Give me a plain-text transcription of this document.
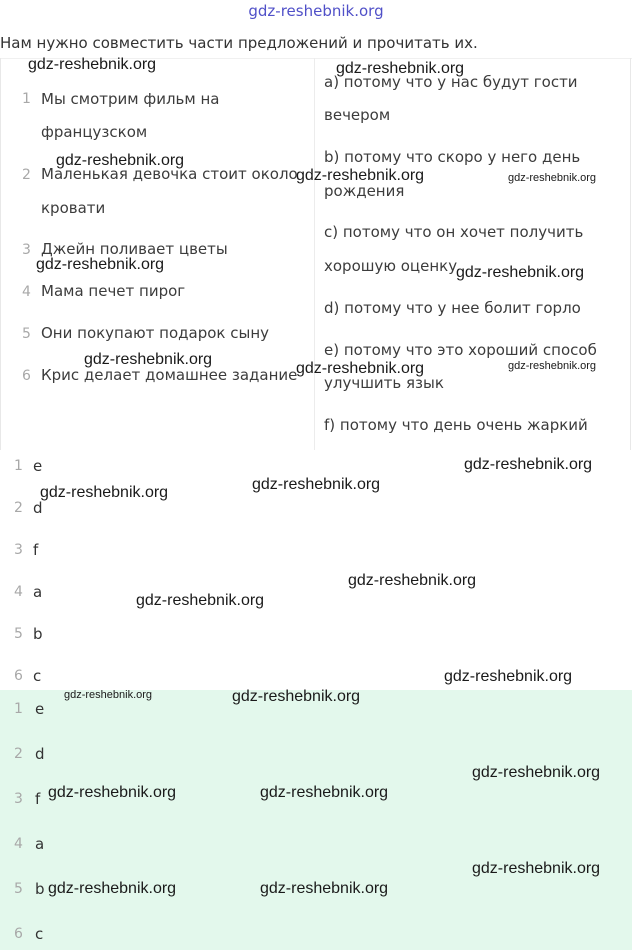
gdz-reshebnik.org
Нам нужно совместить части предложений и прочитать их.
1 Мы смотрим фильм на
французском
2 Маленькая девочка стоит около
кровати
3 Джейн поливает цветы
4 Мама печет пирог
5 Они покупают подарок сыну
6 Крис делает домашнее задание
a) потому что у нас будут гости
вечером
b) потому что скоро у него день
рождения
c) потому что он хочет получить
хорошую оценку
d) потому что у нее болит горло
e) потому что это хороший способ
улучшить язык
f) потому что день очень жаркий
1 e
2 d
3 f
4 a
5 b
6 c
1 e
2 d
3 f
4 a
5 b
6 c
gdz-reshebnik.org	gdz-reshebnik.org
gdz-reshebnik.org
gdz-reshebnik.org	gdz-reshebnik.org
gdz-reshebnik.org	gdz-reshebnik.org
gdz-reshebnik.org	gdz-reshebnik.org
gdz-reshebnik.org
gdz-reshebnik.org
gdz-reshebnik.org
gdz-reshebnik.org
gdz-reshebnik.org
gdz-reshebnik.org
gdz-reshebnik.org
gdz-reshebnik.org	gdz-reshebnik.org
gdz-reshebnik.org
gdz-reshebnik.org	gdz-reshebnik.org
gdz-reshebnik.org
gdz-reshebnik.org	gdz-reshebnik.org
